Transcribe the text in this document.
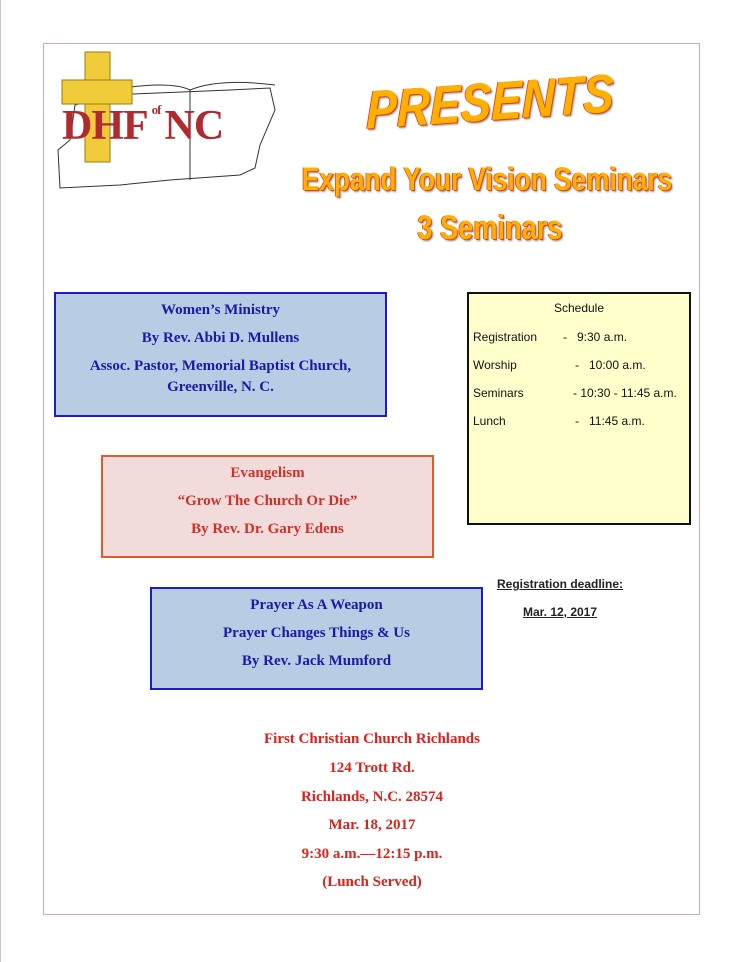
DHF $^{of}$NC	PRESENTS
Expand Your Vision Seminars
3 Seminars
Women’s Ministry
By Rev. Abbi D. Mullens
Assoc. Pastor, Memorial Baptist Church,
Greenville, N. C.
Evangelism
“Grow The Church Or Die”
By Rev. Dr. Gary Edens
Prayer As A Weapon
Prayer Changes Things & Us
By Rev. Jack Mumford
Schedule
Registration -   9:30 a.m.
Worship	-   10:00 a.m.
Seminars	- 10:30 - 11:45 a.m.
Lunch	-   11:45 a.m.
Registration deadline:
Mar. 12, 2017
First Christian Church Richlands
124 Trott Rd.
Richlands, N.C. 28574
Mar. 18, 2017
9:30 a.m.—12:15 p.m.
(Lunch Served)
